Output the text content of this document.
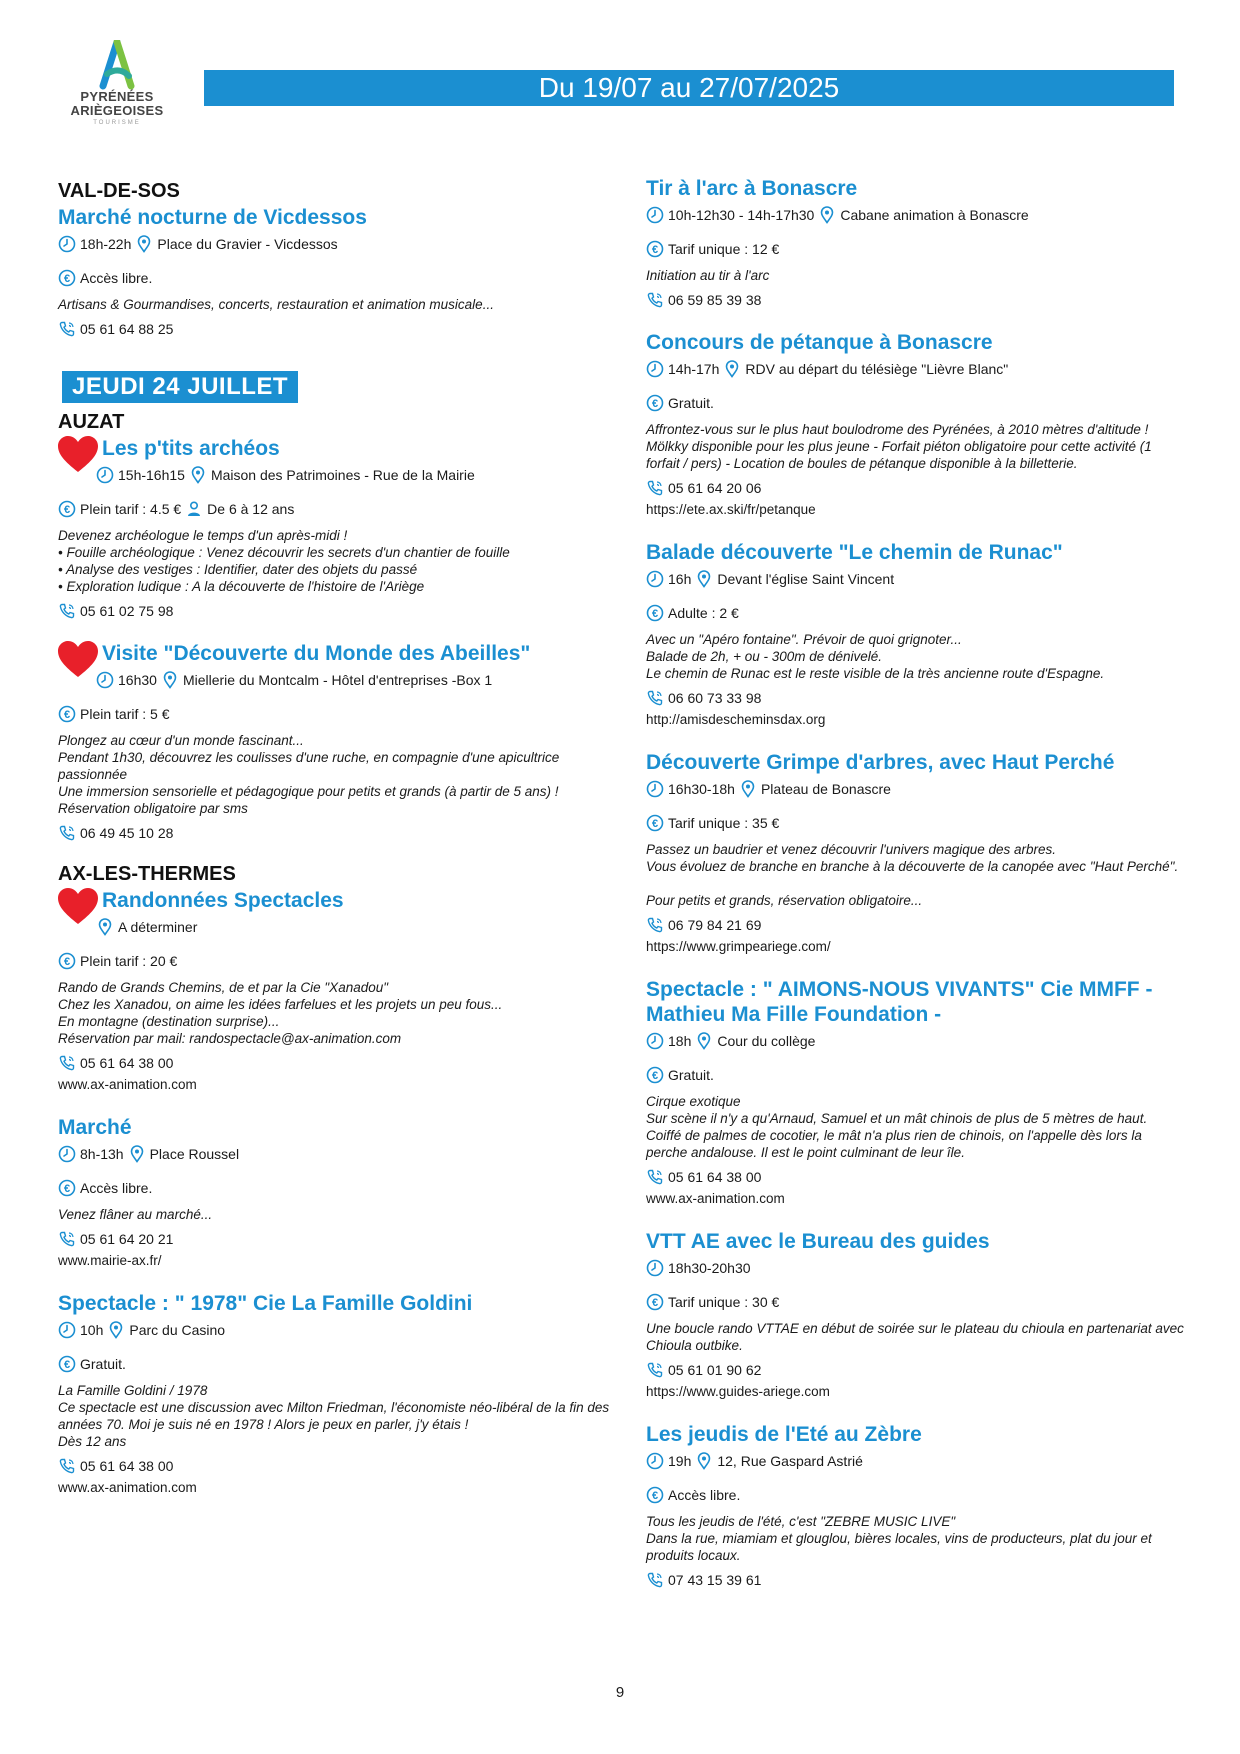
PYRÉNÉES
ARIÈGEOISES
TOURISME
Du 19/07 au 27/07/2025
VAL-DE-SOS
Marché nocturne de Vicdessos
18h-22h Place du Gravier - Vicdessos
€ Accès libre.
Artisans & Gourmandises, concerts, restauration et animation musicale...
05 61 64 88 25
JEUDI 24 JUILLET
AUZAT
Les p'tits archéos
15h-16h15 Maison des Patrimoines - Rue de la Mairie
€ Plein tarif : 4.5 € De 6 à 12 ans
Devenez archéologue le temps d'un après-midi !
• Fouille archéologique : Venez découvrir les secrets d'un chantier de fouille
• Analyse des vestiges : Identifier, dater des objets du passé
• Exploration ludique : A la découverte de l'histoire de l'Ariège
05 61 02 75 98
Visite "Découverte du Monde des Abeilles"
16h30 Miellerie du Montcalm - Hôtel d'entreprises -Box 1
€ Plein tarif : 5 €
Plongez au cœur d'un monde fascinant...
Pendant 1h30, découvrez les coulisses d'une ruche, en compagnie d'une apicultrice passionnée
Une immersion sensorielle et pédagogique pour petits et grands (à partir de 5 ans) !
Réservation obligatoire par sms
06 49 45 10 28
AX-LES-THERMES
Randonnées Spectacles
A déterminer
€ Plein tarif : 20 €
Rando de Grands Chemins, de et par la Cie "Xanadou"
Chez les Xanadou, on aime les idées farfelues et les projets un peu fous...
En montagne (destination surprise)...
Réservation par mail: randospectacle@ax-animation.com
05 61 64 38 00
www.ax-animation.com
Marché
8h-13h Place Roussel
€ Accès libre.
Venez flâner au marché...
05 61 64 20 21
www.mairie-ax.fr/
Spectacle : " 1978" Cie La Famille Goldini
10h Parc du Casino
€ Gratuit.
La Famille Goldini / 1978
Ce spectacle est une discussion avec Milton Friedman, l'économiste néo-libéral de la fin des années 70. Moi je suis né en 1978 ! Alors je peux en parler, j'y étais !
Dès 12 ans
05 61 64 38 00
www.ax-animation.com
Tir à l'arc à Bonascre
10h-12h30 - 14h-17h30 Cabane animation à Bonascre
€ Tarif unique : 12 €
Initiation au tir à l'arc
06 59 85 39 38
Concours de pétanque à Bonascre
14h-17h RDV au départ du télésiège "Lièvre Blanc"
€ Gratuit.
Affrontez-vous sur le plus haut boulodrome des Pyrénées, à 2010 mètres d'altitude ! Mölkky disponible pour les plus jeune - Forfait piéton obligatoire pour cette activité (1 forfait / pers) - Location de boules de pétanque disponible à la billetterie.
05 61 64 20 06
https://ete.ax.ski/fr/petanque
Balade découverte "Le chemin de Runac"
16h Devant l'église Saint Vincent
€ Adulte : 2 €
Avec un "Apéro fontaine". Prévoir de quoi grignoter...
Balade de 2h, + ou - 300m de dénivelé.
Le chemin de Runac est le reste visible de la très ancienne route d'Espagne.
06 60 73 33 98
http://amisdescheminsdax.org
Découverte Grimpe d'arbres, avec Haut Perché
16h30-18h Plateau de Bonascre
€ Tarif unique : 35 €
Passez un baudrier et venez découvrir l'univers magique des arbres.
Vous évoluez de branche en branche à la découverte de la canopée avec "Haut Perché".
Pour petits et grands, réservation obligatoire...
06 79 84 21 69
https://www.grimpeariege.com/
Spectacle : " AIMONS-NOUS VIVANTS" Cie MMFF - Mathieu Ma Fille Foundation -
18h Cour du collège
€ Gratuit.
Cirque exotique
Sur scène il n'y a qu'Arnaud, Samuel et un mât chinois de plus de 5 mètres de haut. Coiffé de palmes de cocotier, le mât n'a plus rien de chinois, on l'appelle dès lors la perche andalouse. Il est le point culminant de leur île.
05 61 64 38 00
www.ax-animation.com
VTT AE avec le Bureau des guides
18h30-20h30
€ Tarif unique : 30 €
Une boucle rando VTTAE en début de soirée sur le plateau du chioula en partenariat avec Chioula outbike.
05 61 01 90 62
https://www.guides-ariege.com
Les jeudis de l'Eté au Zèbre
19h 12, Rue Gaspard Astrié
€ Accès libre.
Tous les jeudis de l'été, c'est "ZEBRE MUSIC LIVE"
Dans la rue, miamiam et glouglou, bières locales, vins de producteurs, plat du jour et produits locaux.
07 43 15 39 61
9
